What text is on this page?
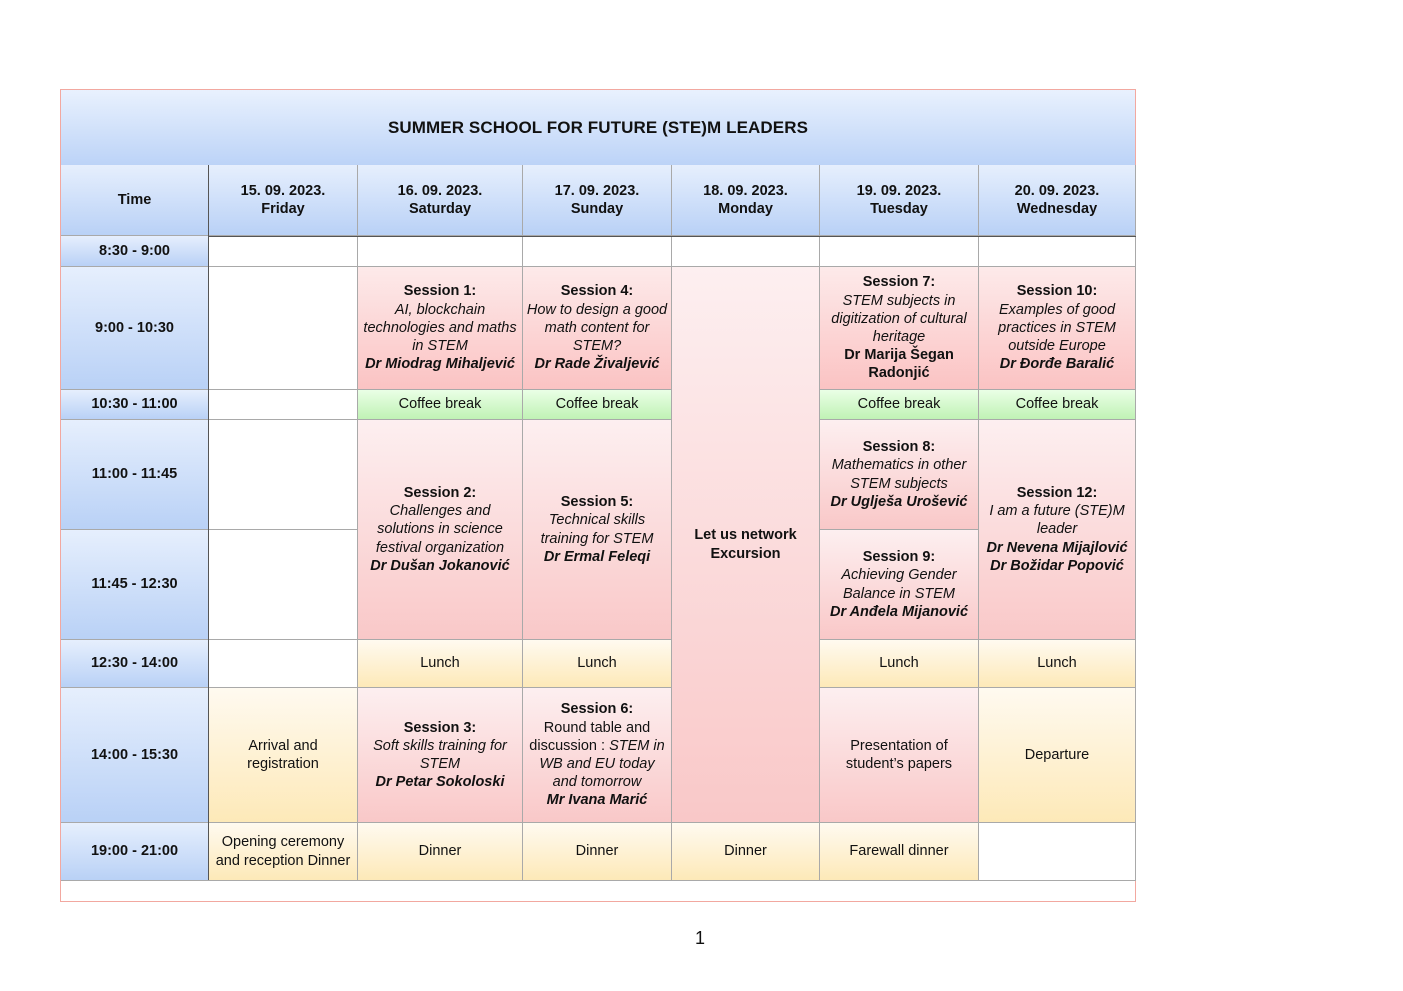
SUMMER SCHOOL FOR FUTURE (STE)M LEADERS
Time
15. 09. 2023.
Friday
16. 09. 2023.
Saturday
17. 09. 2023.
Sunday
18. 09. 2023.
Monday
19. 09. 2023.
Tuesday
20. 09. 2023.
Wednesday
8:30 - 9:00
9:00 - 10:30
10:30 - 11:00
11:00 - 11:45
11:45 - 12:30
12:30 - 14:00
14:00 - 15:30
19:00 - 21:00
Arrival and registration
Opening ceremony and reception Dinner
Session 1:
AI, blockchain technologies and maths in STEM
Dr Miodrag Mihaljević
Coffee break
Session 2:
Challenges and solutions in science festival organization
Dr Dušan Jokanović
Lunch
Session 3:
Soft skills training for STEM
Dr Petar Sokoloski
Dinner
Session 4:
How to design a good math content for STEM?
Dr Rade Živaljević
Coffee break
Session 5:
Technical skills training for STEM
Dr Ermal Feleqi
Lunch
Session 6:
Round table and discussion : STEM in WB and EU today and tomorrow
Mr Ivana Marić
Dinner
Let us network
Excursion
Dinner
Session 7:
STEM subjects in digitization of cultural heritage
Dr Marija Šegan Radonjić
Coffee break
Session 8:
Mathematics in other STEM subjects
Dr Uglješa Urošević
Session 9:
Achieving Gender Balance in STEM
Dr Anđela Mijanović
Lunch
Presentation of student’s papers
Farewall dinner
Session 10:
Examples of good practices in STEM outside Europe
Dr Đorđe Baralić
Coffee break
Session 12:
I am a future (STE)M leader
Dr Nevena Mijajlović
Dr Božidar Popović
Lunch
Departure
1
